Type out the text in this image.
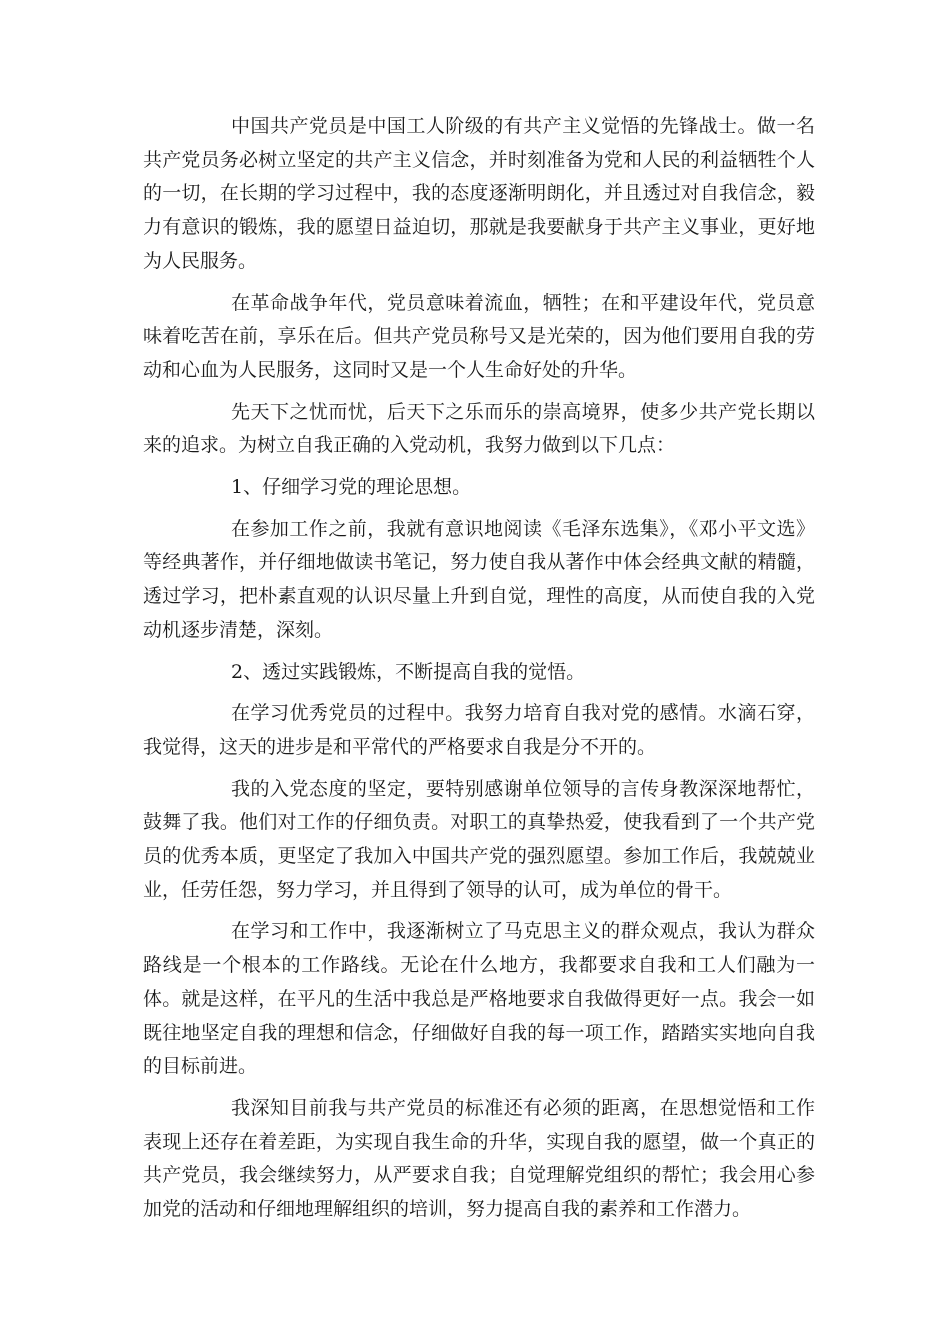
中国共产党员是中国工人阶级的有共产主义觉悟的先锋战士。做一名共产党员务必树立坚定的共产主义信念，并时刻准备为党和人民的利益牺牲个人的一切，在长期的学习过程中，我的态度逐渐明朗化，并且透过对自我信念，毅力有意识的锻炼，我的愿望日益迫切，那就是我要献身于共产主义事业，更好地为人民服务。

在革命战争年代，党员意味着流血，牺牲；在和平建设年代，党员意味着吃苦在前，享乐在后。但共产党员称号又是光荣的，因为他们要用自我的劳动和心血为人民服务，这同时又是一个人生命好处的升华。

先天下之忧而忧，后天下之乐而乐的崇高境界，使多少共产党长期以来的追求。为树立自我正确的入党动机，我努力做到以下几点：

1、仔细学习党的理论思想。

在参加工作之前，我就有意识地阅读《毛泽东选集》，《邓小平文选》等经典著作，并仔细地做读书笔记，努力使自我从著作中体会经典文献的精髓，透过学习，把朴素直观的认识尽量上升到自觉，理性的高度，从而使自我的入党动机逐步清楚，深刻。

2、透过实践锻炼，不断提高自我的觉悟。

在学习优秀党员的过程中。我努力培育自我对党的感情。水滴石穿，我觉得，这天的进步是和平常代的严格要求自我是分不开的。

我的入党态度的坚定，要特别感谢单位领导的言传身教深深地帮忙，鼓舞了我。他们对工作的仔细负责。对职工的真挚热爱，使我看到了一个共产党员的优秀本质，更坚定了我加入中国共产党的强烈愿望。参加工作后，我兢兢业业，任劳任怨，努力学习，并且得到了领导的认可，成为单位的骨干。

在学习和工作中，我逐渐树立了马克思主义的群众观点，我认为群众路线是一个根本的工作路线。无论在什么地方，我都要求自我和工人们融为一体。就是这样，在平凡的生活中我总是严格地要求自我做得更好一点。我会一如既往地坚定自我的理想和信念，仔细做好自我的每一项工作，踏踏实实地向自我的目标前进。

我深知目前我与共产党员的标准还有必须的距离，在思想觉悟和工作表现上还存在着差距，为实现自我生命的升华，实现自我的愿望，做一个真正的共产党员，我会继续努力，从严要求自我；自觉理解党组织的帮忙；我会用心参加党的活动和仔细地理解组织的培训，努力提高自我的素养和工作潜力。
